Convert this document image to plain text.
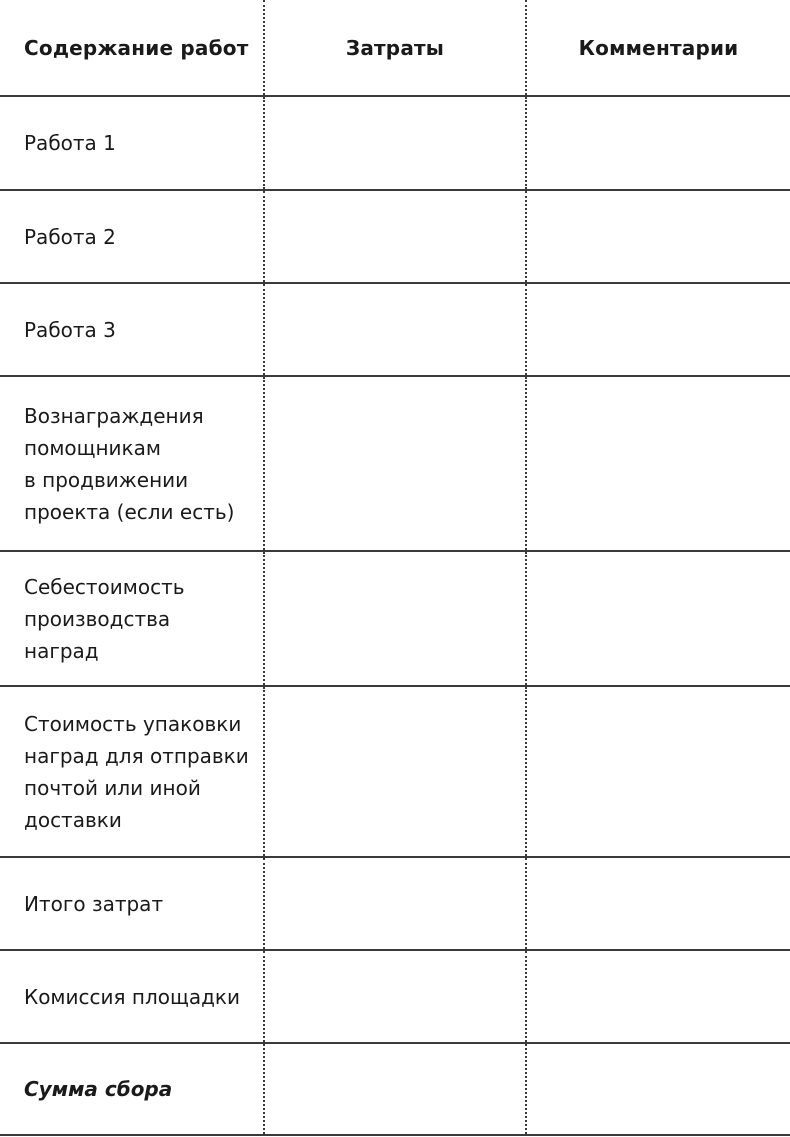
Содержание работ	Затраты	Комментарии
Работа 1		
Работа 2		
Работа 3		

Вознаграждения
помощникам
в продвижении
проекта (если есть)		

Себестоимость
производства
наград		

Стоимость упаковки
наград для отправки
почтой или иной
доставки		

Итого затрат		
Комиссия площадки		
Сумма сбора		
